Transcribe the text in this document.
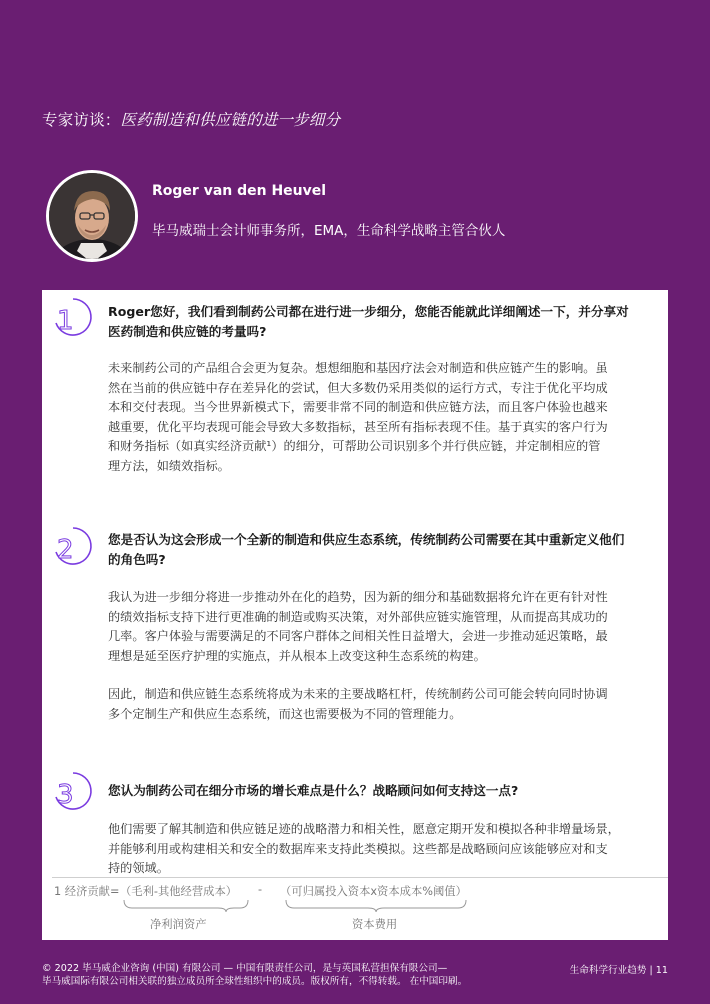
专家访谈：医药制造和供应链的进一步细分
Roger van den Heuvel
毕马威瑞士会计师事务所，EMA，生命科学战略主管合伙人
1	Roger您好，我们看到制药公司都在进行进一步细分，您能否能就此详细阐述一下，并分享对
医药制造和供应链的考量吗?
未来制药公司的产品组合会更为复杂。想想细胞和基因疗法会对制造和供应链产生的影响。虽
然在当前的供应链中存在差异化的尝试，但大多数仍采用类似的运行方式，专注于优化平均成
本和交付表现。当今世界新模式下，需要非常不同的制造和供应链方法，而且客户体验也越来
越重要，优化平均表现可能会导致大多数指标，甚至所有指标表现不佳。基于真实的客户行为
和财务指标（如真实经济贡献¹）的细分，可帮助公司识别多个并行供应链，并定制相应的管
理方法，如绩效指标。
2	您是否认为这会形成一个全新的制造和供应生态系统，传统制药公司需要在其中重新定义他们
的角色吗?
我认为进一步细分将进一步推动外在化的趋势，因为新的细分和基础数据将允许在更有针对性
的绩效指标支持下进行更准确的制造或购买决策，对外部供应链实施管理，从而提高其成功的
几率。客户体验与需要满足的不同客户群体之间相关性日益增大，会进一步推动延迟策略，最
理想是延至医疗护理的实施点，并从根本上改变这种生态系统的构建。
因此，制造和供应链生态系统将成为未来的主要战略杠杆，传统制药公司可能会转向同时协调
多个定制生产和供应生态系统，而这也需要极为不同的管理能力。
3	您认为制药公司在细分市场的增长难点是什么？战略顾问如何支持这一点?
他们需要了解其制造和供应链足迹的战略潜力和相关性，愿意定期开发和模拟各种非增量场景，
并能够利用或构建相关和安全的数据库来支持此类模拟。这些都是战略顾问应该能够应对和支
持的领域。
1 经济贡献= （毛利-其他经营成本） - （可归属投入资本x资本成本%阈值）
净利润资产	资本费用
© 2022 毕马威企业咨询 (中国) 有限公司 — 中国有限责任公司，是与英国私营担保有限公司—
毕马威国际有限公司相关联的独立成员所全球性组织中的成员。版权所有，不得转载。 在中国印刷。
生命科学行业趋势 | 11
